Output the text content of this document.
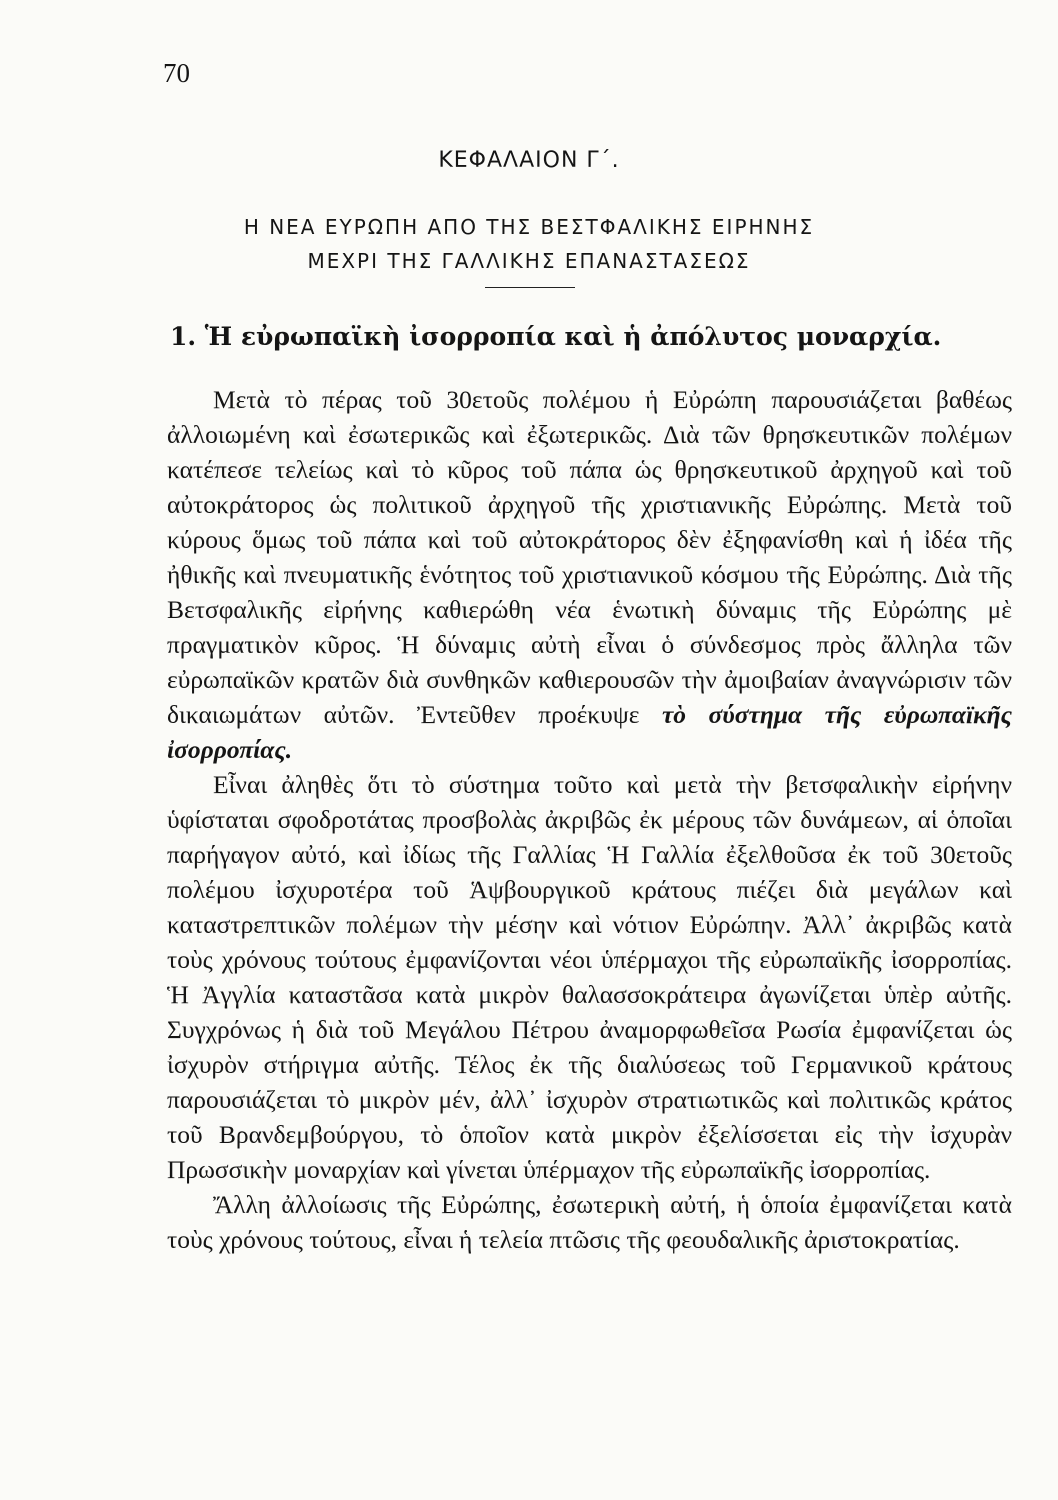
70
ΚΕΦΑΛΑΙΟΝ Γ΄.
Η ΝΕΑ ΕΥΡΩΠΗ ΑΠΟ ΤΗΣ ΒΕΣΤΦΑΛΙΚΗΣ ΕΙΡΗΝΗΣ
ΜΕΧΡΙ ΤΗΣ ΓΑΛΛΙΚΗΣ ΕΠΑΝΑΣΤΑΣΕΩΣ
1. Ἡ εὐρωπαϊκὴ ἰσορροπία καὶ ἡ ἀπόλυτος μοναρχία.

Μετὰ τὸ πέρας τοῦ 30ετοῦς πολέμου ἡ Εὐρώπη παρουσιάζεται βαθέως ἀλλοιωμένη καὶ ἐσωτερικῶς καὶ ἐξωτερικῶς. Διὰ τῶν θρησκευτικῶν πολέμων κατέπεσε τελείως καὶ τὸ κῦρος τοῦ πάπα ὡς θρησκευτικοῦ ἀρχηγοῦ καὶ τοῦ αὐτοκράτορος ὡς πολιτικοῦ ἀρχηγοῦ τῆς χριστιανικῆς Εὐρώπης. Μετὰ τοῦ κύρους ὅμως τοῦ πάπα καὶ τοῦ αὐτοκράτορος δὲν ἐξηφανίσθη καὶ ἡ ἰδέα τῆς ἠθικῆς καὶ πνευματικῆς ἑνότητος τοῦ χριστιανικοῦ κόσμου τῆς Εὐρώπης. Διὰ τῆς Βετσφαλικῆς εἰρήνης καθιερώθη νέα ἑνωτικὴ δύναμις τῆς Εὐρώπης μὲ πραγματικὸν κῦρος. Ἡ δύναμις αὐτὴ εἶναι ὁ σύνδεσμος πρὸς ἄλληλα τῶν εὐρωπαϊκῶν κρατῶν διὰ συνθηκῶν καθιερουσῶν τὴν ἀμοιβαίαν ἀναγνώρισιν τῶν δικαιωμάτων αὐτῶν. Ἐντεῦθεν προέκυψε τὸ σύστημα τῆς εὐρωπαϊκῆς ἰσορροπίας.

Εἶναι ἀληθὲς ὅτι τὸ σύστημα τοῦτο καὶ μετὰ τὴν βετσφαλικὴν εἰρήνην ὑφίσταται σφοδροτάτας προσβολὰς ἀκριβῶς ἐκ μέρους τῶν δυνάμεων, αἱ ὁποῖαι παρήγαγον αὐτό, καὶ ἰδίως τῆς Γαλλίας Ἡ Γαλλία ἐξελθοῦσα ἐκ τοῦ 30ετοῦς πολέμου ἰσχυροτέρα τοῦ Ἁψβουργικοῦ κράτους πιέζει διὰ μεγάλων καὶ καταστρεπτικῶν πολέμων τὴν μέσην καὶ νότιον Εὐρώπην. Ἀλλ᾽ ἀκριβῶς κατὰ τοὺς χρόνους τούτους ἐμφανίζονται νέοι ὑπέρμαχοι τῆς εὐρωπαϊκῆς ἰσορροπίας. Ἡ Ἀγγλία καταστᾶσα κατὰ μικρὸν θαλασσοκράτειρα ἀγωνίζεται ὑπὲρ αὐτῆς. Συγχρόνως ἡ διὰ τοῦ Μεγάλου Πέτρου ἀναμορφωθεῖσα Ρωσία ἐμφανίζεται ὡς ἰσχυρὸν στήριγμα αὐτῆς. Τέλος ἐκ τῆς διαλύσεως τοῦ Γερμανικοῦ κράτους παρουσιάζεται τὸ μικρὸν μέν, ἀλλ᾽ ἰσχυρὸν στρατιωτικῶς καὶ πολιτικῶς κράτος τοῦ Βρανδεμβούργου, τὸ ὁποῖον κατὰ μικρὸν ἐξελίσσεται εἰς τὴν ἰσχυρὰν Πρωσσικὴν μοναρχίαν καὶ γίνεται ὑπέρμαχον τῆς εὐρωπαϊκῆς ἰσορροπίας.

Ἄλλη ἀλλοίωσις τῆς Εὐρώπης, ἐσωτερικὴ αὐτή, ἡ ὁποία ἐμφανίζεται κατὰ τοὺς χρόνους τούτους, εἶναι ἡ τελεία πτῶσις τῆς φεουδαλικῆς ἀριστοκρατίας.
